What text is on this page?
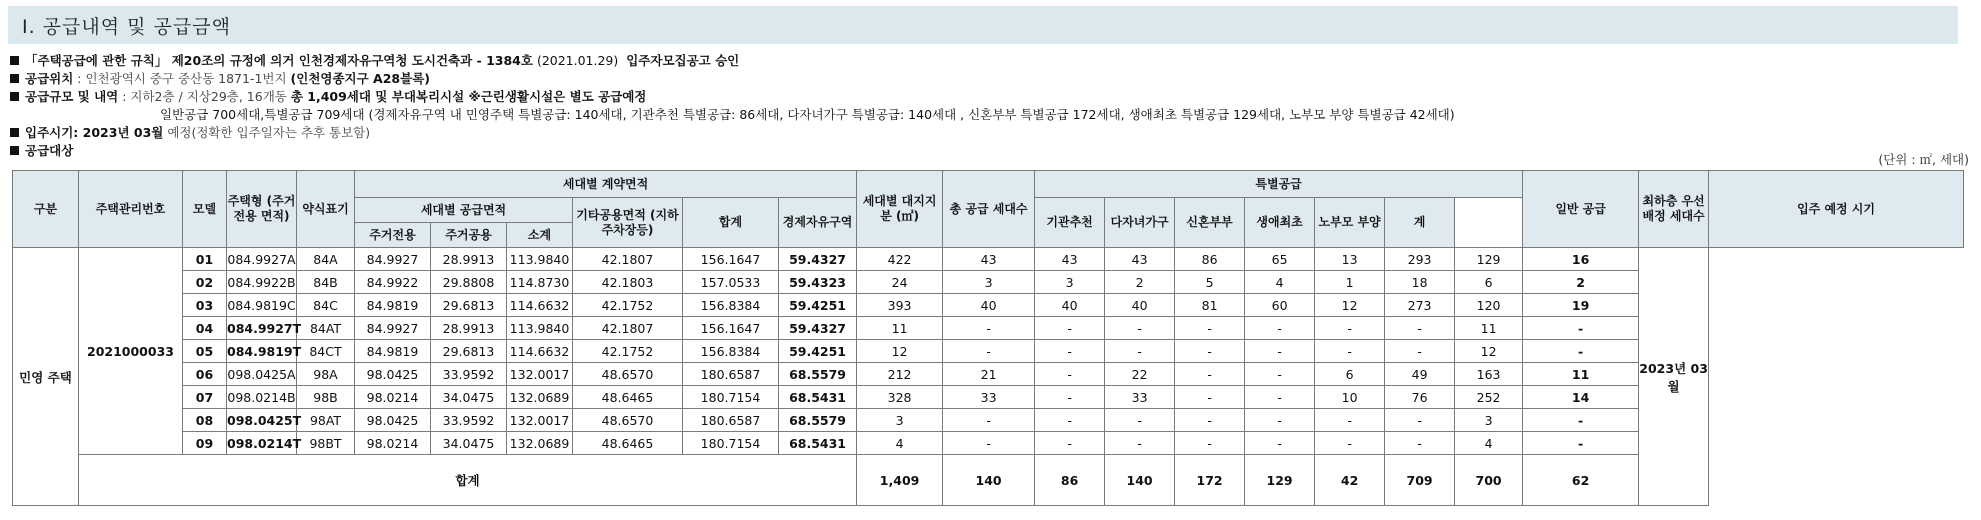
Ⅰ. 공급내역 및 공급금액
「주택공급에 관한 규칙」 제20조의 규정에 의거 인천경제자유구역청 도시건축과 - 1384호 (2021.01.29) 입주자모집공고 승인
공급위치 : 인천광역시 중구 중산동 1871-1번지 (인천영종지구 A28블록)
공급규모 및 내역 : 지하2층 / 지상29층, 16개동 총 1,409세대 및 부대복리시설 ※근린생활시설은 별도 공급예정
일반공급 700세대,특별공급 709세대 (경제자유구역 내 민영주택 특별공급: 140세대, 기관추천 특별공급: 86세대, 다자녀가구 특별공급: 140세대 , 신혼부부 특별공급 172세대, 생애최초 특별공급 129세대, 노부모 부양 특별공급 42세대)
입주시기: 2023년 03월 예정(정확한 입주일자는 추후 통보함)
공급대상
(단위 : ㎡, 세대)
구분	주택관리번호	모델	주택형 (주거전용 면적)	약식표기	세대별 계약면적						세대별 대지지분 (㎡)	총 공급 세대수	특별공급							일반 공급	최하층 우선배정 세대수	입주 예정 시기
					세대별 공급면적			기타공용면적 (지하주차장등)	합계	경제자유구역			기관추천	다자녀가구	신혼부부	생애최초	노부모 부양	계				
					주거전용	주거공용	소계															
민영 주택	2021000033	01	084.9927A	84A	84.9927	28.9913	113.9840	42.1807	156.1647	59.4327	422	43	43	43	86	65	13	293	129	16	2023년 03월	
		02	084.9922B	84B	84.9922	29.8808	114.8730	42.1803	157.0533	59.4323	24	3	3	2	5	4	1	18	6	2		
		03	084.9819C	84C	84.9819	29.6813	114.6632	42.1752	156.8384	59.4251	393	40	40	40	81	60	12	273	120	19		
		04	084.9927T	84AT	84.9927	28.9913	113.9840	42.1807	156.1647	59.4327	11	-	-	-	-	-	-	-	11	-		
		05	084.9819T	84CT	84.9819	29.6813	114.6632	42.1752	156.8384	59.4251	12	-	-	-	-	-	-	-	12	-		
		06	098.0425A	98A	98.0425	33.9592	132.0017	48.6570	180.6587	68.5579	212	21	-	22	-	-	6	49	163	11		
		07	098.0214B	98B	98.0214	34.0475	132.0689	48.6465	180.7154	68.5431	328	33	-	33	-	-	10	76	252	14		
		08	098.0425T	98AT	98.0425	33.9592	132.0017	48.6570	180.6587	68.5579	3	-	-	-	-	-	-	-	3	-		
		09	098.0214T	98BT	98.0214	34.0475	132.0689	48.6465	180.7154	68.5431	4	-	-	-	-	-	-	-	4	-		
	합계										1,409	140	86	140	172	129	42	709	700	62		
